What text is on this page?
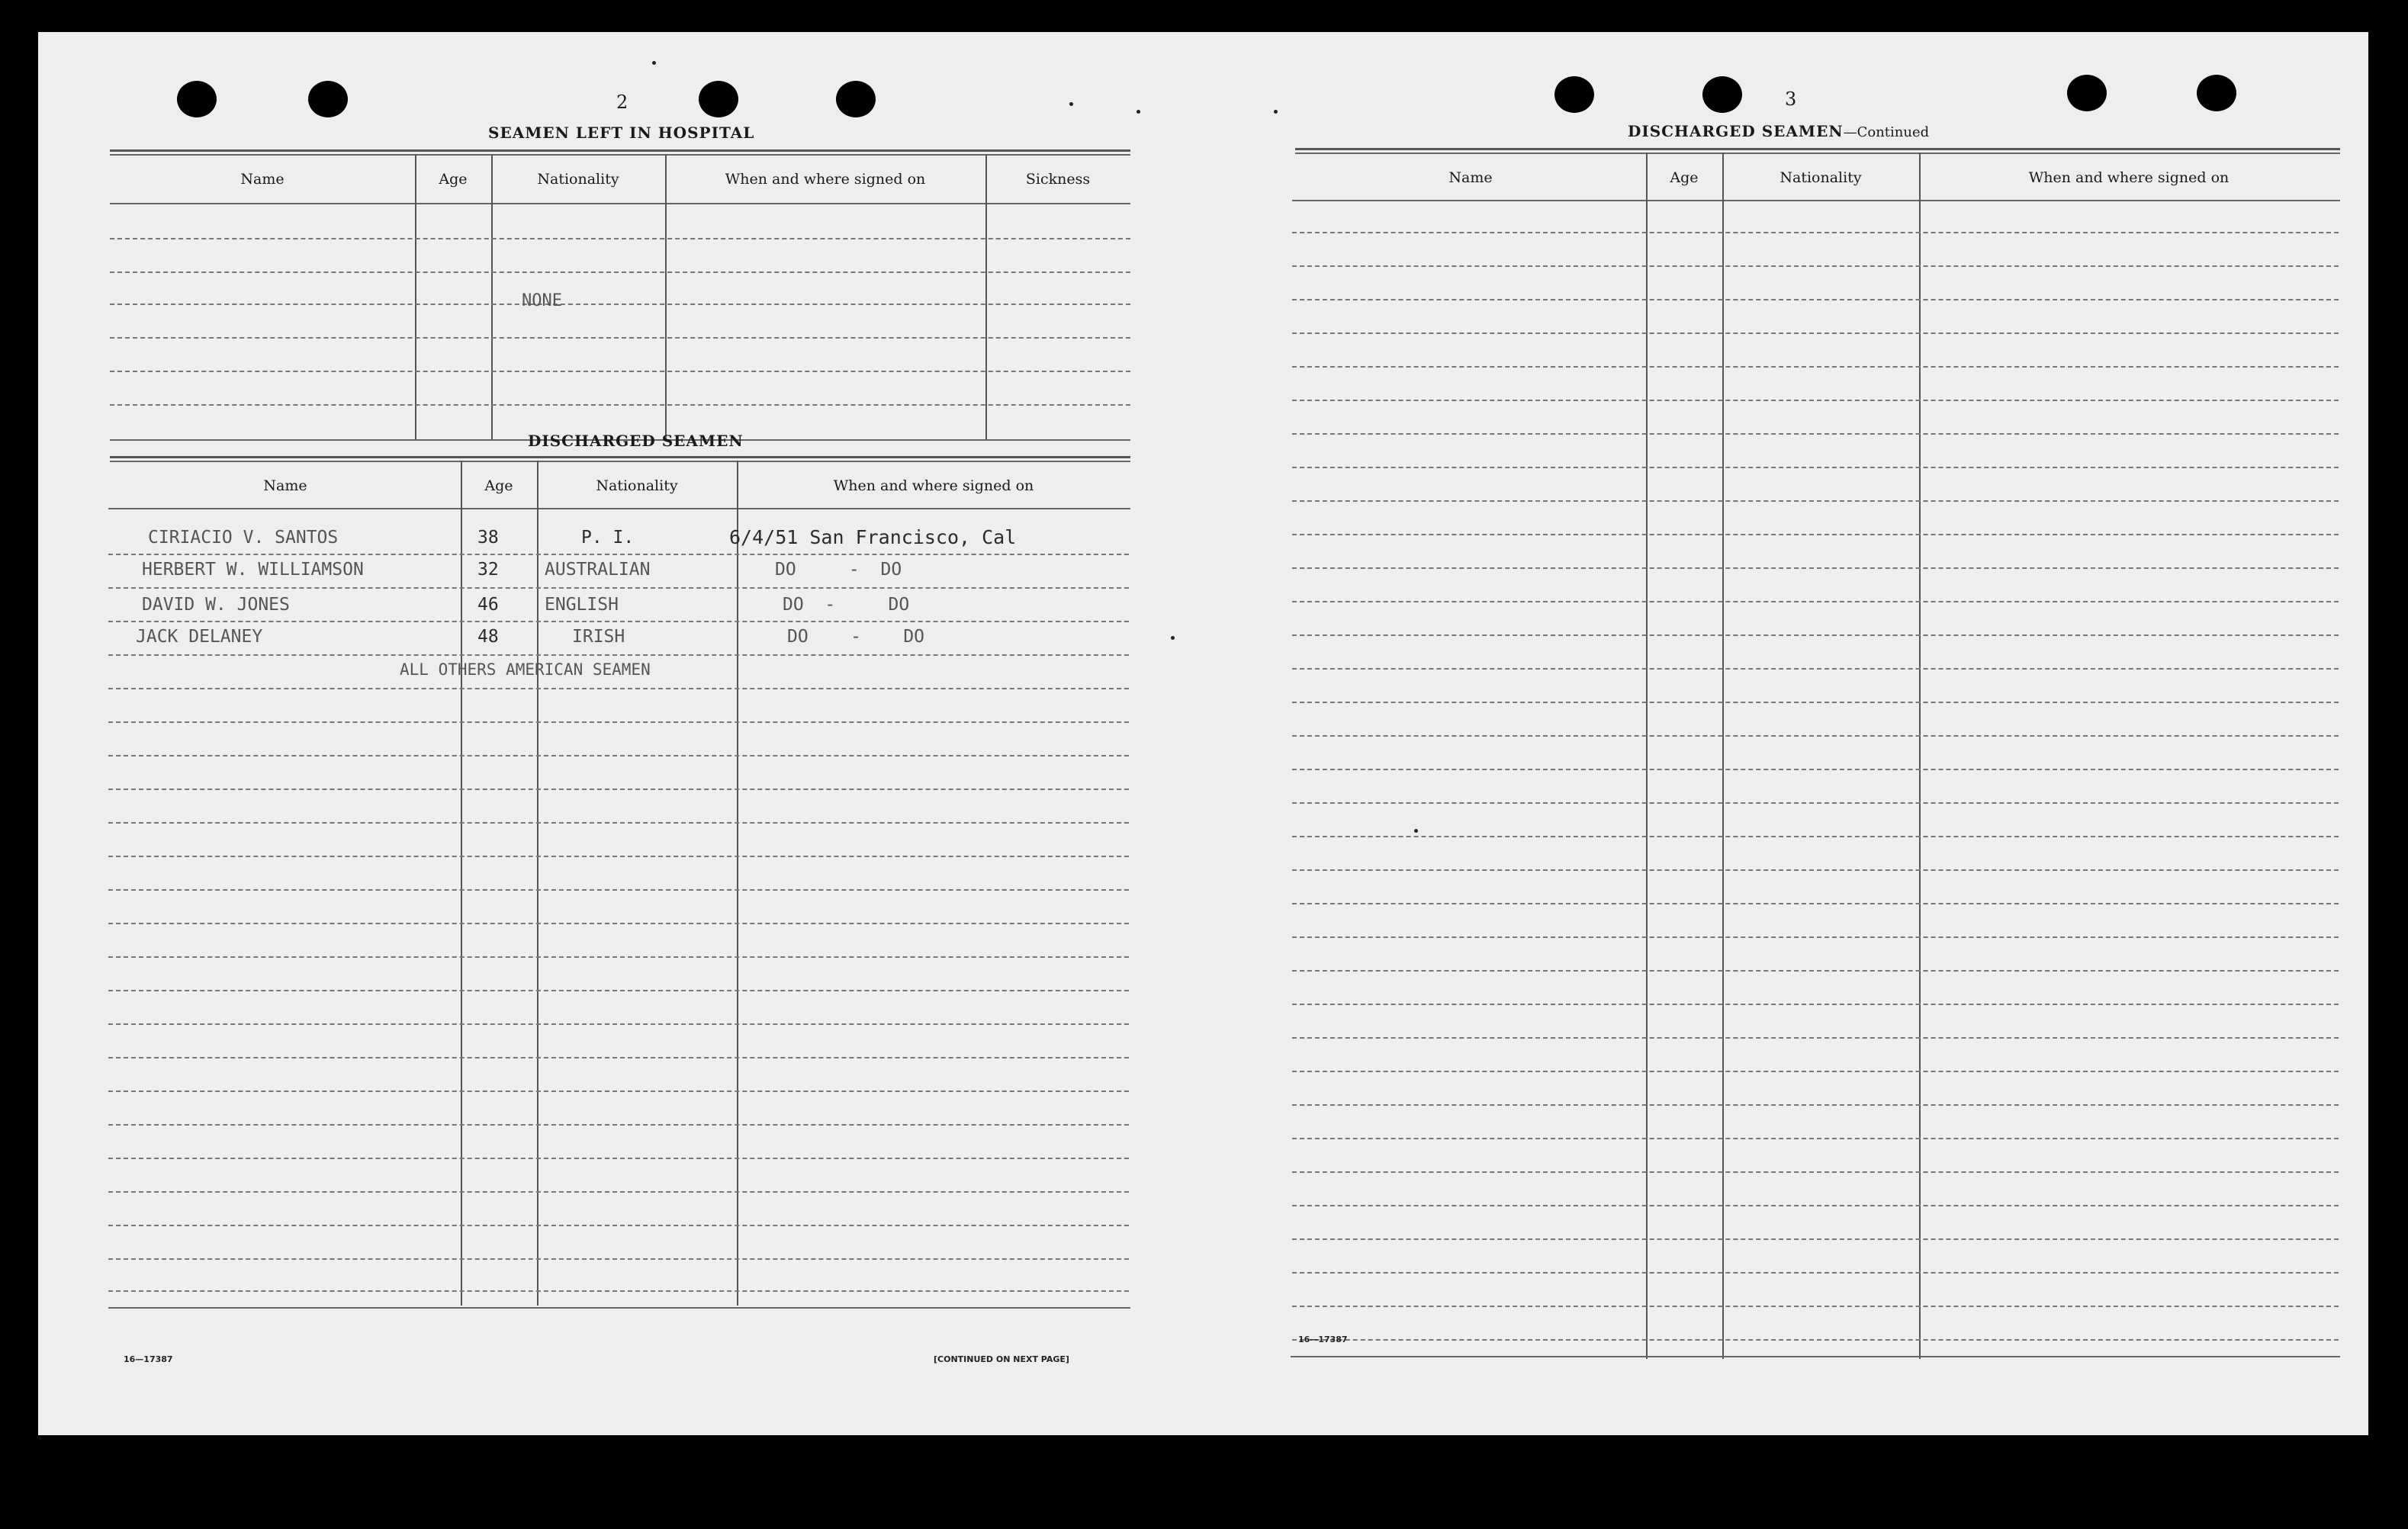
2
SEAMEN LEFT IN HOSPITAL
Name	Age	Nationality	When and where signed on	Sickness
NONE
DISCHARGED SEAMEN
Name	Age	Nationality	When and where signed on
CIRIACIO V. SANTOS	38	P. I.	6/4/51 San Francisco, Cal
HERBERT W. WILLIAMSON	32	AUSTRALIAN	DO     -  DO
DAVID W. JONES	46	ENGLISH	DO  -     DO
JACK DELANEY	48	IRISH	DO    -    DO
ALL OTHERS AMERICAN SEAMEN
16—17387	[CONTINUED ON NEXT PAGE]
3
DISCHARGED SEAMEN—Continued
Name	Age	Nationality	When and where signed on
16—17387
